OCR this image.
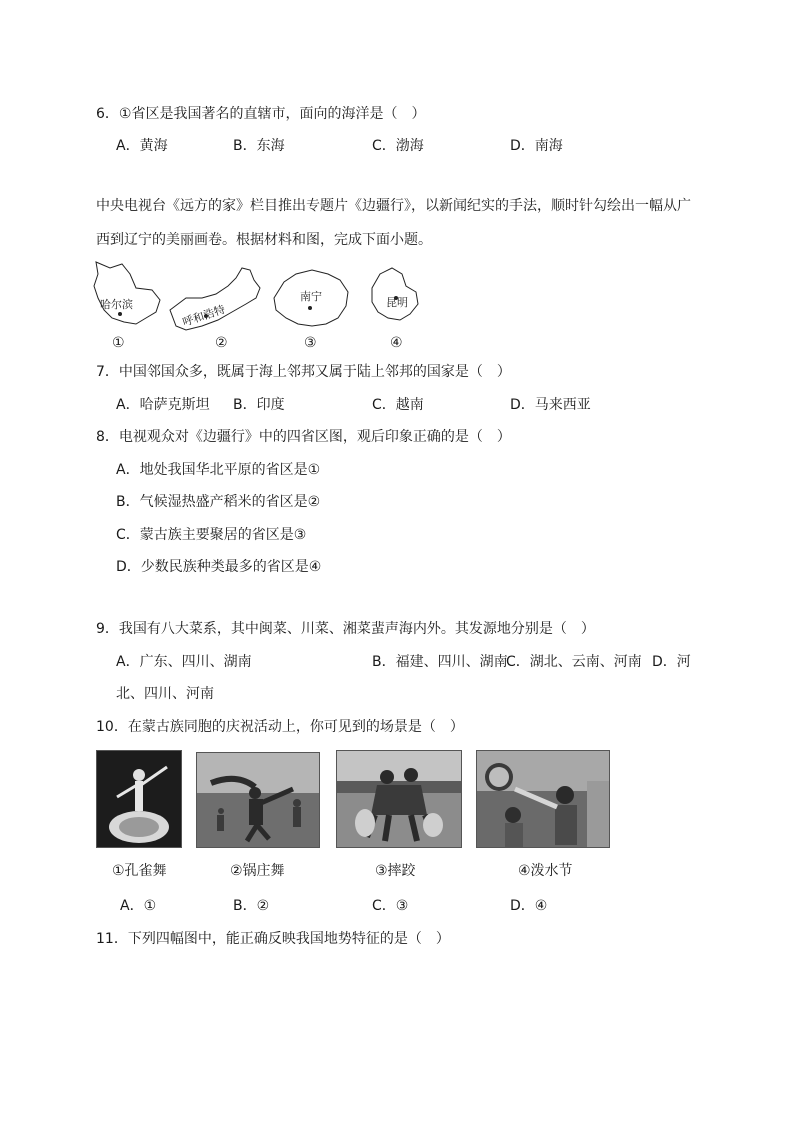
6．①省区是我国著名的直辖市，面向的海洋是（　）
A．黄海	B．东海	C．渤海	D．南海
中央电视台《远方的家》栏目推出专题片《边疆行》，以新闻纪实的手法，顺时针勾绘出一幅从广
西到辽宁的美丽画卷。根据材料和图，完成下面小题。
哈尔滨
①
呼和浩特
②
南宁
③
昆明
④
7．中国邻国众多，既属于海上邻邦又属于陆上邻邦的国家是（　）
A．哈萨克斯坦 B．印度	C．越南	D．马来西亚
8．电视观众对《边疆行》中的四省区图，观后印象正确的是（　）
A．地处我国华北平原的省区是①
B．气候湿热盛产稻米的省区是②
C．蒙古族主要聚居的省区是③
D．少数民族种类最多的省区是④
9．我国有八大菜系，其中闽菜、川菜、湘菜蜚声海内外。其发源地分别是（　）
A．广东、四川、湖南	B．福建、四川、湖南
C．湖北、云南、河南 D．河
北、四川、河南
10．在蒙古族同胞的庆祝活动上，你可见到的场景是（　）
①孔雀舞	②锅庄舞	③摔跤	④泼水节
A．①	B．②	C．③	D．④
11．下列四幅图中，能正确反映我国地势特征的是（　）
